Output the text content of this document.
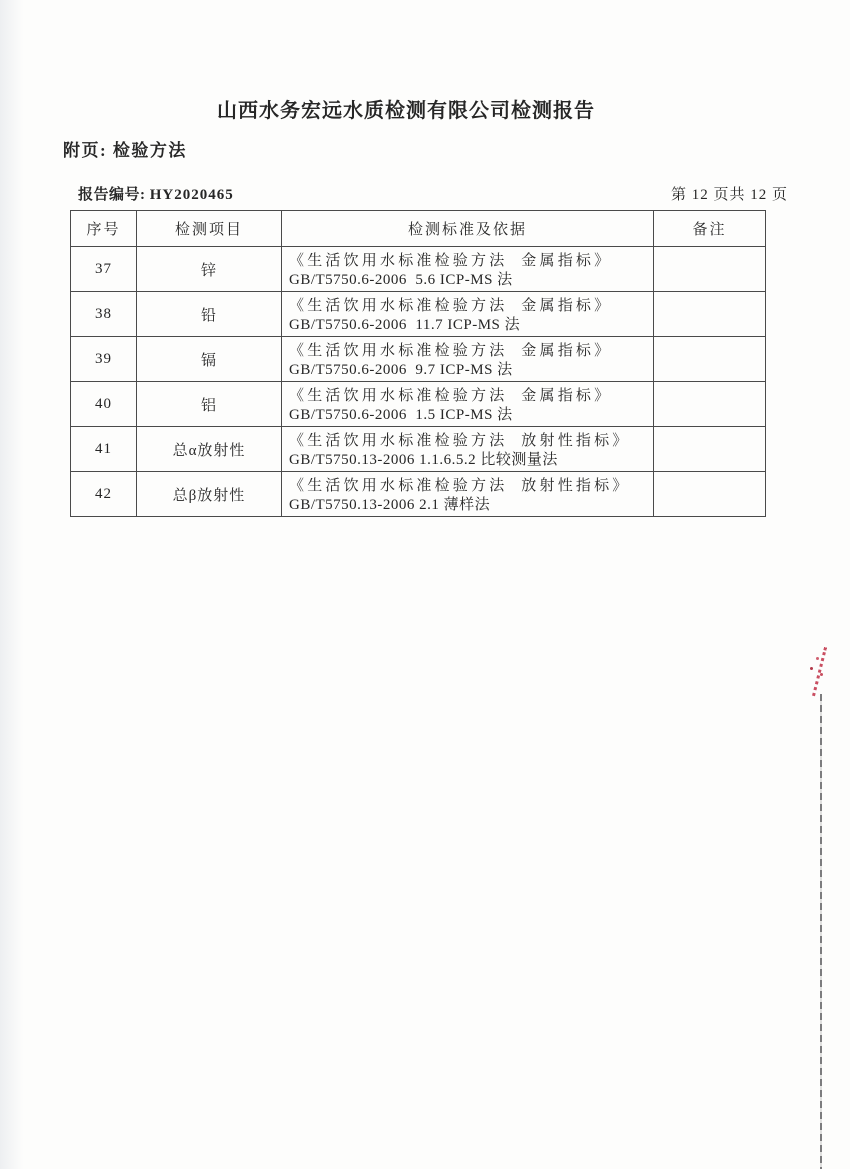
山西水务宏远水质检测有限公司检测报告
附页: 检验方法
报告编号: HY2020465	第 12 页共 12 页
序号	检测项目	检测标准及依据	备注
37	锌	《生活饮用水标准检验方法  金属指标》
GB/T5750.6-2006  5.6 ICP-MS 法	

38	铅	《生活饮用水标准检验方法  金属指标》
GB/T5750.6-2006  11.7 ICP-MS 法	

39	镉	《生活饮用水标准检验方法  金属指标》
GB/T5750.6-2006  9.7 ICP-MS 法	

40	铝	《生活饮用水标准检验方法  金属指标》
GB/T5750.6-2006  1.5 ICP-MS 法	

41	总α放射性	《生活饮用水标准检验方法  放射性指标》
GB/T5750.13-2006 1.1.6.5.2 比较测量法	

42	总β放射性	《生活饮用水标准检验方法  放射性指标》
GB/T5750.13-2006 2.1 薄样法	
